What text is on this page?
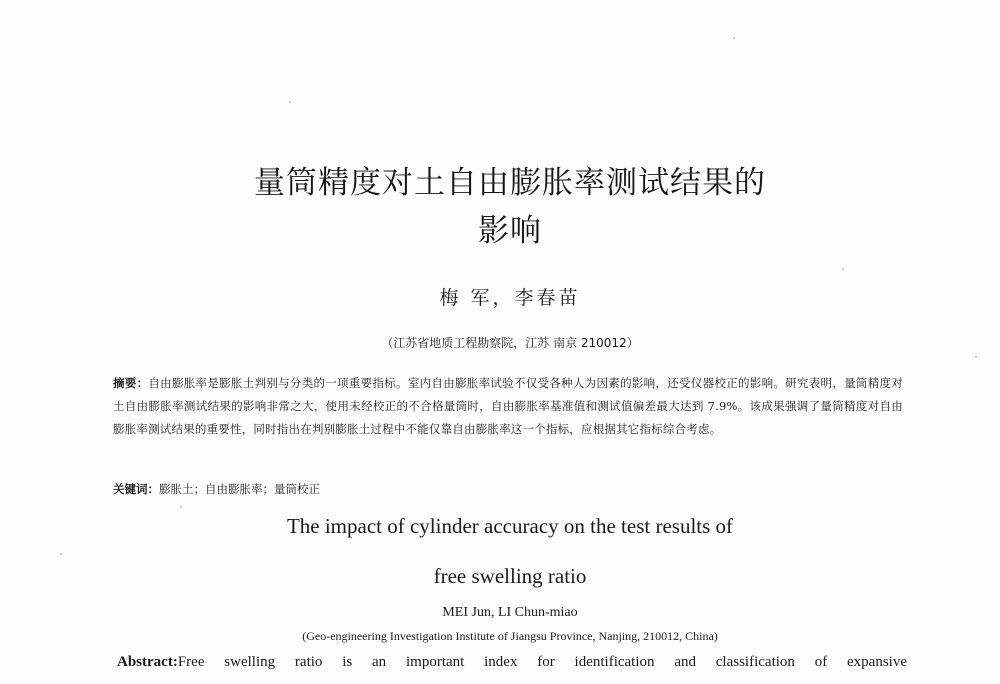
量筒精度对土自由膨胀率测试结果的
影响
梅 军，李春苗
（江苏省地质工程勘察院，江苏 南京 210012）
摘要：自由膨胀率是膨胀土判别与分类的一项重要指标。室内自由膨胀率试验不仅受各种人为因素的影响，还受仪器校正的影响。研究表明，量筒精度对土自由膨胀率测试结果的影响非常之大，使用未经校正的不合格量筒时，自由膨胀率基准值和测试值偏差最大达到 7.9%。该成果强调了量筒精度对自由膨胀率测试结果的重要性，同时指出在判别膨胀土过程中不能仅靠自由膨胀率这一个指标，应根据其它指标综合考虑。
关键词：膨胀土；自由膨胀率；量筒校正
The impact of cylinder accuracy on the test results of
free swelling ratio
MEI Jun, LI Chun-miao
(Geo-engineering Investigation Institute of Jiangsu Province, Nanjing, 210012, China)
Abstract:Free swelling ratio is an important index for identification and classification of expansive
